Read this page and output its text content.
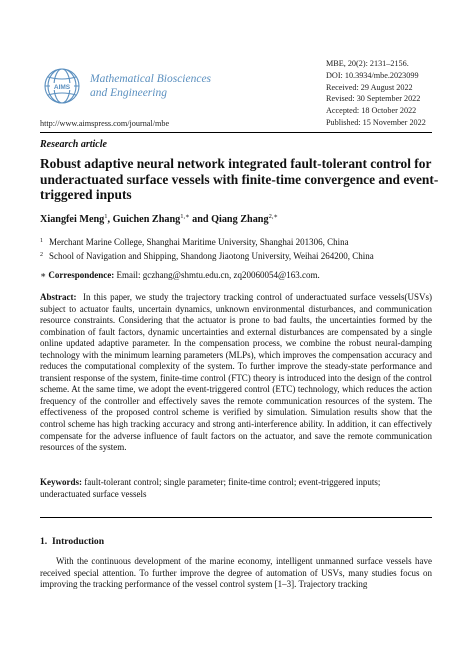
AIMS
Mathematical Biosciences
and Engineering
http://www.aimspress.com/journal/mbe
MBE, 20(2): 2131–2156.
DOI: 10.3934/mbe.2023099
Received: 29 August 2022
Revised: 30 September 2022
Accepted: 18 October 2022
Published: 15 November 2022
Research article
Robust adaptive neural network integrated fault-tolerant control for underactuated surface vessels with finite-time convergence and event-triggered inputs
Xiangfei Meng$^1$, Guichen Zhang$^{1,∗}$ and Qiang Zhang$^{2,∗}$
$^1$ Merchant Marine College, Shanghai Maritime University, Shanghai 201306, China
$^2$ School of Navigation and Shipping, Shandong Jiaotong University, Weihai 264200, China
∗ Correspondence: Email: gczhang@shmtu.edu.cn, zq20060054@163.com.
Abstract: In this paper, we study the trajectory tracking control of underactuated surface vessels(USVs) subject to actuator faults, uncertain dynamics, unknown environmental disturbances, and communication resource constraints. Considering that the actuator is prone to bad faults, the uncertainties formed by the combination of fault factors, dynamic uncertainties and external disturbances are compensated by a single online updated adaptive parameter. In the compensation process, we combine the robust neural-damping technology with the minimum learning parameters (MLPs), which improves the compensation accuracy and reduces the computational complexity of the system. To further improve the steady-state performance and transient response of the system, finite-time control (FTC) theory is introduced into the design of the control scheme. At the same time, we adopt the event-triggered control (ETC) technology, which reduces the action frequency of the controller and effectively saves the remote communication resources of the system. The effectiveness of the proposed control scheme is verified by simulation. Simulation results show that the control scheme has high tracking accuracy and strong anti-interference ability. In addition, it can effectively compensate for the adverse influence of fault factors on the actuator, and save the remote communication resources of the system.
Keywords: fault-tolerant control; single parameter; finite-time control; event-triggered inputs; underactuated surface vessels
1. Introduction
With the continuous development of the marine economy, intelligent unmanned surface vessels have received special attention. To further improve the degree of automation of USVs, many studies focus on improving the tracking performance of the vessel control system [1–3]. Trajectory tracking
